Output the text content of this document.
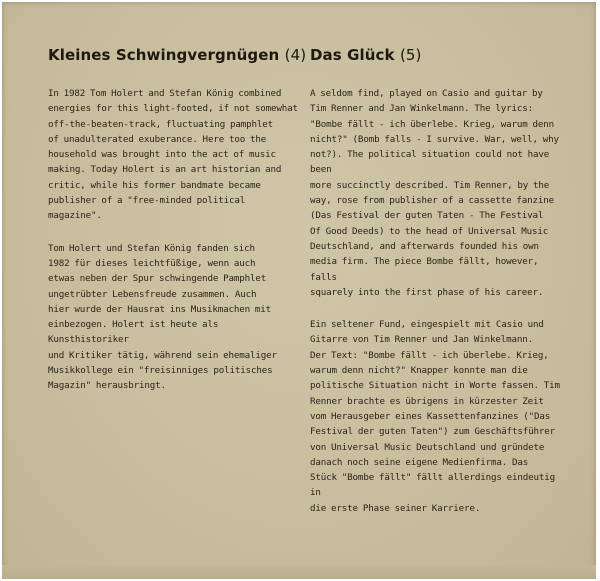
Kleines Schwingvergnügen (4)

In 1982 Tom Holert and Stefan König combined
energies for this light-footed, if not somewhat
off-the-beaten-track, fluctuating pamphlet
of unadulterated exuberance. Here too the
household was brought into the act of music
making. Today Holert is an art historian and
critic, while his former bandmate became
publisher of a "free-minded political magazine".

Tom Holert und Stefan König fanden sich
1982 für dieses leichtfüßige, wenn auch
etwas neben der Spur schwingende Pamphlet
ungetrübter Lebensfreude zusammen. Auch
hier wurde der Hausrat ins Musikmachen mit
einbezogen. Holert ist heute als Kunsthistoriker
und Kritiker tätig, während sein ehemaliger
Musikkollege ein "freisinniges politisches
Magazin" herausbringt.

Das Glück (5)

A seldom find, played on Casio and guitar by
Tim Renner and Jan Winkelmann. The lyrics:
"Bombe fällt - ich überlebe. Krieg, warum denn
nicht?" (Bomb falls - I survive. War, well, why
not?). The political situation could not have been
more succinctly described. Tim Renner, by the
way, rose from publisher of a cassette fanzine
(Das Festival der guten Taten - The Festival
Of Good Deeds) to the head of Universal Music
Deutschland, and afterwards founded his own
media firm. The piece Bombe fällt, however, falls
squarely into the first phase of his career.

Ein seltener Fund, eingespielt mit Casio und
Gitarre von Tim Renner und Jan Winkelmann.
Der Text: "Bombe fällt - ich überlebe. Krieg,
warum denn nicht?" Knapper konnte man die
politische Situation nicht in Worte fassen. Tim
Renner brachte es übrigens in kürzester Zeit
vom Herausgeber eines Kassettenfanzines ("Das
Festival der guten Taten") zum Geschäftsführer
von Universal Music Deutschland und gründete
danach noch seine eigene Medienfirma. Das
Stück "Bombe fällt" fällt allerdings eindeutig in
die erste Phase seiner Karriere.
